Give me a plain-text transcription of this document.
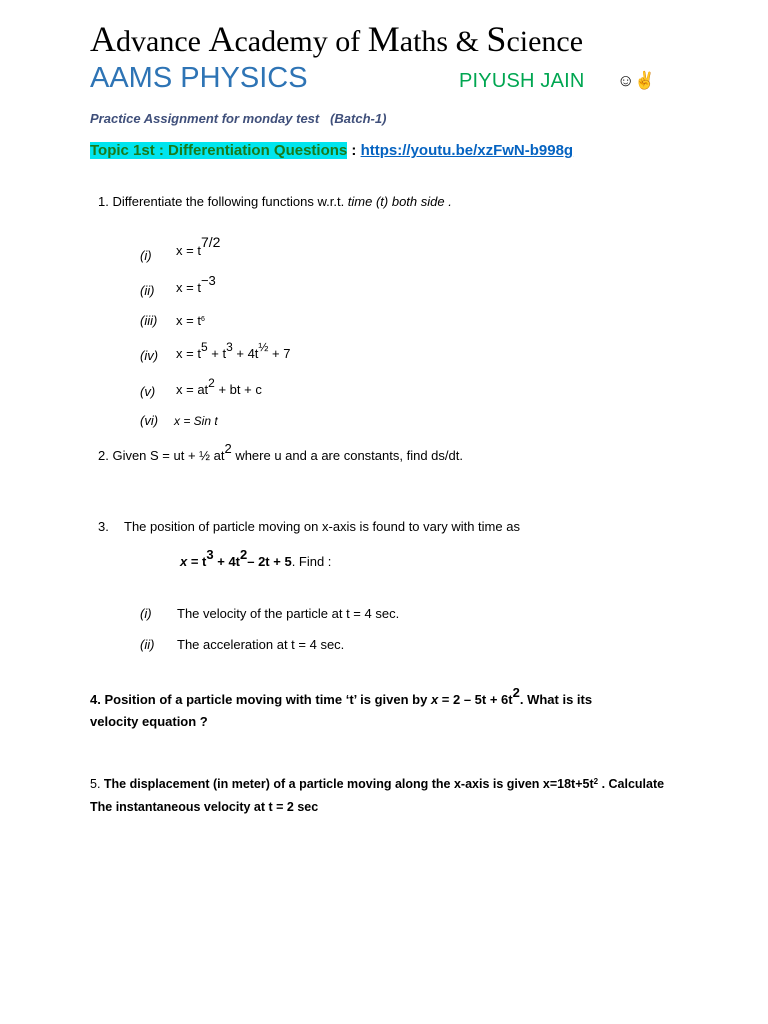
Advance Academy of Maths & Science
AAMS PHYSICS	PIYUSH JAIN ☺✌
Practice Assignment for monday test (Batch-1)
Topic 1st : Differentiation Questions : https://youtu.be/xzFwN-b998g
1. Differentiate the following functions w.r.t. time (t) both side .
(i) $x = t^{7/2}$
(ii) $x = t^{-3}$
(iii) $x = t^6$
(iv) $x = t^5 + t^3 + 4t^{\frac{1}{2}} + 7$
(v) $x = at^2$ + bt + c
(vi) x = Sin t
2. Given S = ut + ½ $at^2$ where u and a are constants, find ds/dt.
3. The position of particle moving on x-axis is found to vary with time as
$x = t^3 + 4t^2-$ 2t + 5. Find :
(i) The velocity of the particle at t = 4 sec.
(ii) The acceleration at t = 4 sec.
4. Position of a particle moving with time ‘t’ is given by $x = 2 - 5t + 6t^2$. What is its
velocity equation ?
5. The displacement (in meter) of a particle moving along the x-axis is given $x=18t+5t^2$ . Calculate
The instantaneous velocity at t = 2 sec
